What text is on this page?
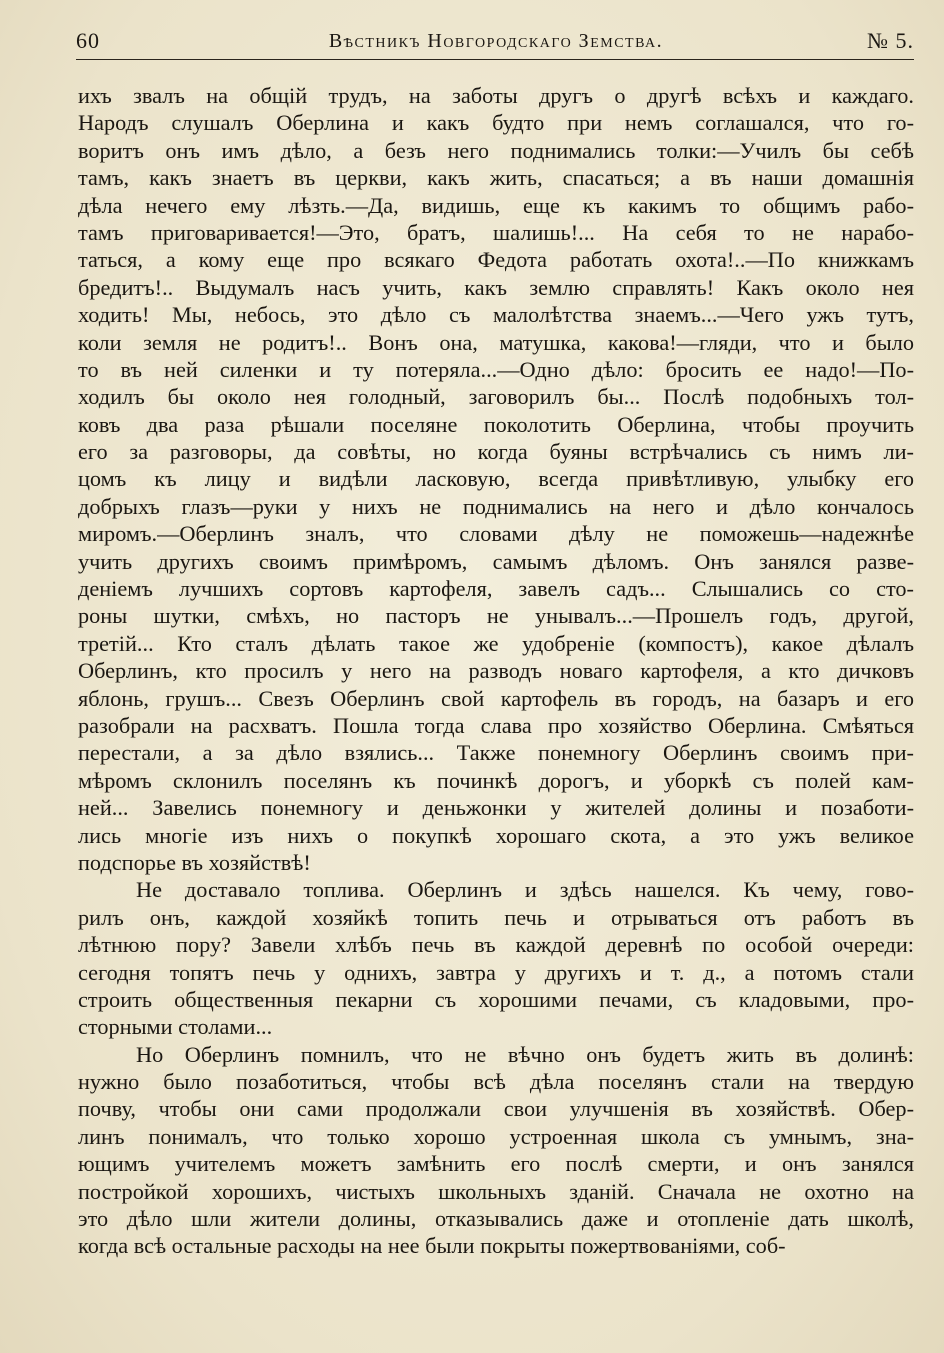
60	Вѣстникъ Новгородскаго Земства.	№ 5.
ихъ звалъ на общій трудъ, на заботы другъ о другѣ всѣхъ и каждаго.
Народъ слушалъ Оберлина и какъ будто при немъ соглашался, что го-
воритъ онъ имъ дѣло, а безъ него поднимались толки:—Училъ бы себѣ
тамъ, какъ знаетъ въ церкви, какъ жить, спасаться; а въ наши домашнія
дѣла нечего ему лѣзть.—Да, видишь, еще къ какимъ то общимъ рабо-
тамъ приговаривается!—Это, братъ, шалишь!... На себя то не нарабо-
таться, а кому еще про всякаго Федота работать охота!..—По книжкамъ
бредитъ!.. Выдумалъ насъ учить, какъ землю справлять! Какъ около нея
ходить! Мы, небось, это дѣло съ малолѣтства знаемъ...—Чего ужъ тутъ,
коли земля не родитъ!.. Вонъ она, матушка, какова!—гляди, что и было
то въ ней силенки и ту потеряла...—Одно дѣло: бросить ее надо!—По-
ходилъ бы около нея голодный, заговорилъ бы... Послѣ подобныхъ тол-
ковъ два раза рѣшали поселяне поколотить Оберлина, чтобы проучить
его за разговоры, да совѣты, но когда буяны встрѣчались съ нимъ ли-
цомъ къ лицу и видѣли ласковую, всегда привѣтливую, улыбку его
добрыхъ глазъ—руки у нихъ не поднимались на него и дѣло кончалось
миромъ.—Оберлинъ зналъ, что словами дѣлу не поможешь—надежнѣе
учить другихъ своимъ примѣромъ, самымъ дѣломъ. Онъ занялся разве-
деніемъ лучшихъ сортовъ картофеля, завелъ садъ... Слышались со сто-
роны шутки, смѣхъ, но пасторъ не унывалъ...—Прошелъ годъ, другой,
третій... Кто сталъ дѣлать такое же удобреніе (компостъ), какое дѣлалъ
Оберлинъ, кто просилъ у него на разводъ новаго картофеля, а кто дичковъ
яблонь, грушъ... Свезъ Оберлинъ свой картофель въ городъ, на базаръ и его
разобрали на расхватъ. Пошла тогда слава про хозяйство Оберлина. Смѣяться
перестали, а за дѣло взялись... Также понемногу Оберлинъ своимъ при-
мѣромъ склонилъ поселянъ къ починкѣ дорогъ, и уборкѣ съ полей кам-
ней... Завелись понемногу и деньжонки у жителей долины и позаботи-
лись многіе изъ нихъ о покупкѣ хорошаго скота, а это ужъ великое
подспорье въ хозяйствѣ!
Не доставало топлива. Оберлинъ и здѣсь нашелся. Къ чему, гово-
рилъ онъ, каждой хозяйкѣ топить печь и отрываться отъ работъ въ
лѣтнюю пору? Завели хлѣбъ печь въ каждой деревнѣ по особой очереди:
сегодня топятъ печь у однихъ, завтра у другихъ и т. д., а потомъ стали
строить общественныя пекарни съ хорошими печами, съ кладовыми, про-
сторными столами...
Но Оберлинъ помнилъ, что не вѣчно онъ будетъ жить въ долинѣ:
нужно было позаботиться, чтобы всѣ дѣла поселянъ стали на твердую
почву, чтобы они сами продолжали свои улучшенія въ хозяйствѣ. Обер-
линъ понималъ, что только хорошо устроенная школа съ умнымъ, зна-
ющимъ учителемъ можетъ замѣнить его послѣ смерти, и онъ занялся
постройкой хорошихъ, чистыхъ школьныхъ зданій. Сначала не охотно на
это дѣло шли жители долины, отказывались даже и отопленіе дать школѣ,
когда всѣ остальные расходы на нее были покрыты пожертвованіями, соб-
